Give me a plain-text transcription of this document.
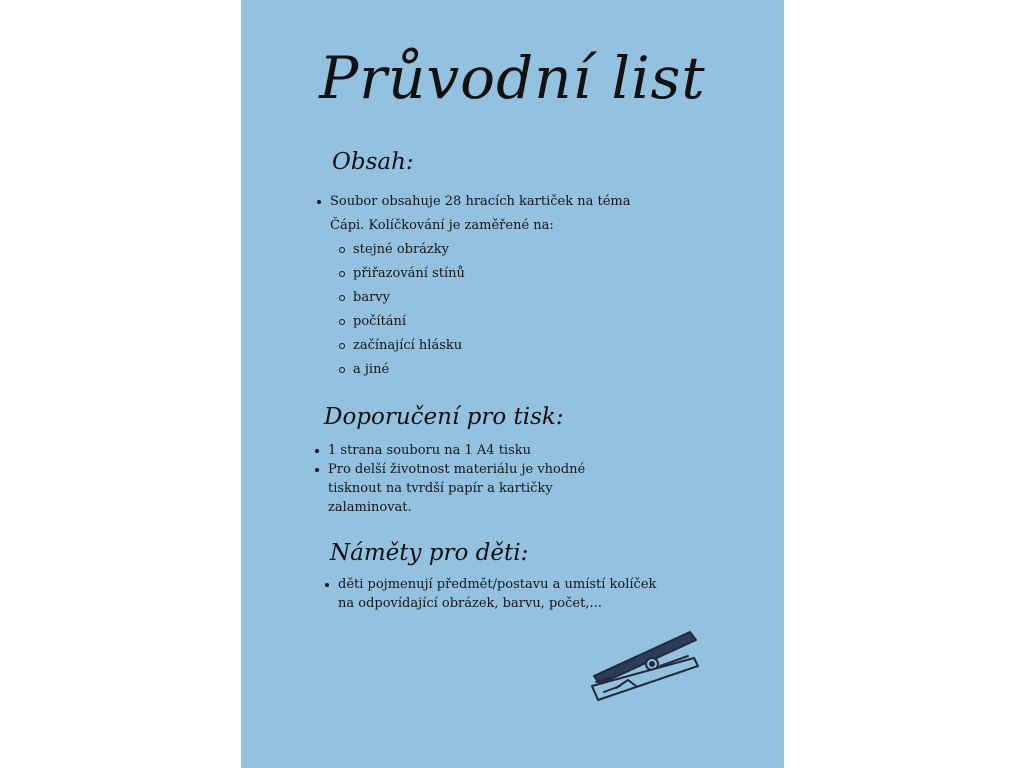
Průvodní list
Obsah:
Soubor obsahuje 28 hracích kartiček na téma
Čápi. Kolíčkování je zaměřené na:
stejné obrázky
přiřazování stínů
barvy
počítání
začínající hlásku
a jiné
Doporučení pro tisk:
1 strana souboru na 1 A4 tisku
Pro delší životnost materiálu je vhodné
tisknout na tvrdší papír a kartičky
zalaminovat.
Náměty pro děti:
děti pojmenují předmět/postavu a umístí kolíček
na odpovídající obrázek, barvu, počet,...
